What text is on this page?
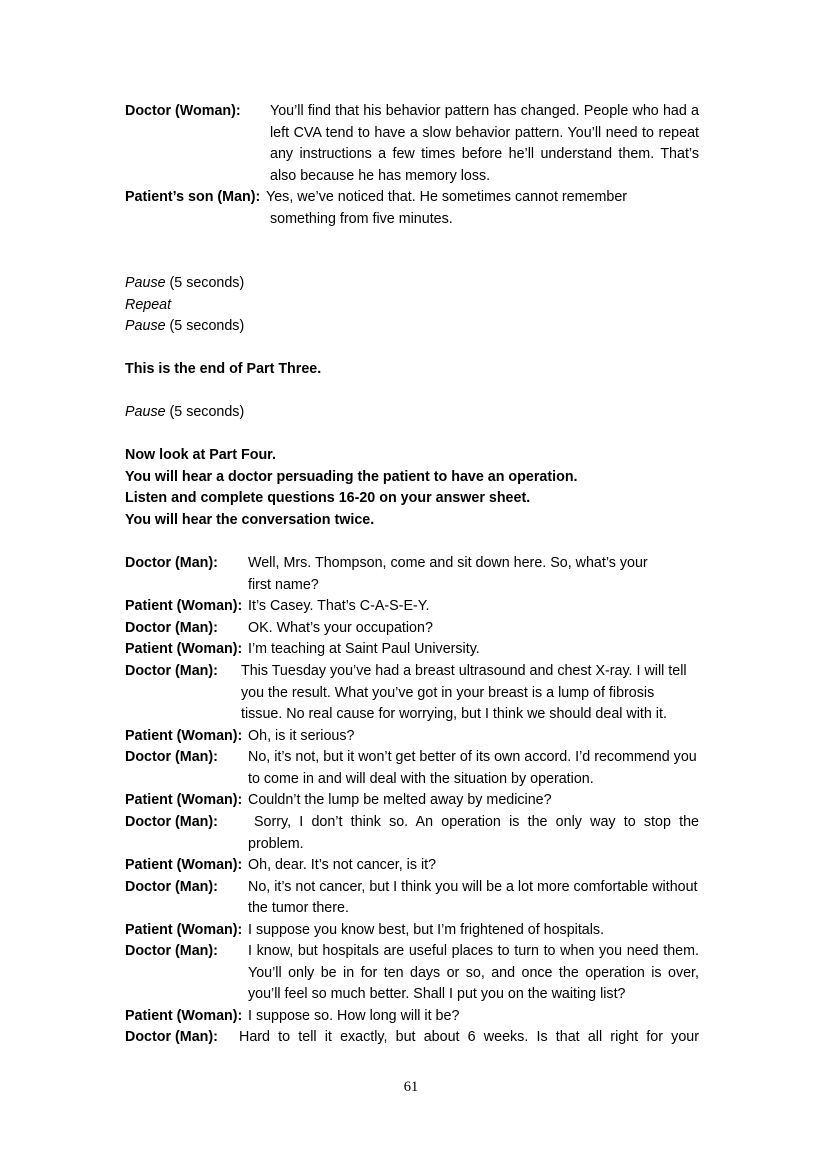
Doctor (Woman): You’ll find that his behavior pattern has changed. People who had a
left CVA tend to have a slow behavior pattern. You’ll need to repeat
any instructions a few times before he’ll understand them. That’s
also because he has memory loss.
Patient’s son (Man): Yes, we’ve noticed that. He sometimes cannot remember
something from five minutes.
Pause (5 seconds)
Repeat
Pause (5 seconds)
This is the end of Part Three.
Pause (5 seconds)
Now look at Part Four.
You will hear a doctor persuading the patient to have an operation.
Listen and complete questions 16-20 on your answer sheet.
You will hear the conversation twice.
Doctor (Man): Well, Mrs. Thompson, come and sit down here. So, what’s your
first name?
Patient (Woman): It’s Casey. That’s C-A-S-E-Y.
Doctor (Man): OK. What’s your occupation?
Patient (Woman): I’m teaching at Saint Paul University.
Doctor (Man): This Tuesday you’ve had a breast ultrasound and chest X-ray. I will tell
you the result. What you’ve got in your breast is a lump of fibrosis
tissue. No real cause for worrying, but I think we should deal with it.
Patient (Woman): Oh, is it serious?
Doctor (Man): No, it’s not, but it won’t get better of its own accord. I’d recommend you
to come in and will deal with the situation by operation.
Patient (Woman): Couldn’t the lump be melted away by medicine?
Doctor (Man):	Sorry, I don’t think so. An operation is the only way to stop the
problem.
Patient (Woman): Oh, dear. It’s not cancer, is it?
Doctor (Man): No, it’s not cancer, but I think you will be a lot more comfortable without
the tumor there.
Patient (Woman): I suppose you know best, but I’m frightened of hospitals.
Doctor (Man): I know, but hospitals are useful places to turn to when you need them.
You’ll only be in for ten days or so, and once the operation is over,
you’ll feel so much better. Shall I put you on the waiting list?
Patient (Woman): I suppose so. How long will it be?
Doctor (Man): Hard to tell it exactly, but about 6 weeks. Is that all right for your
61
